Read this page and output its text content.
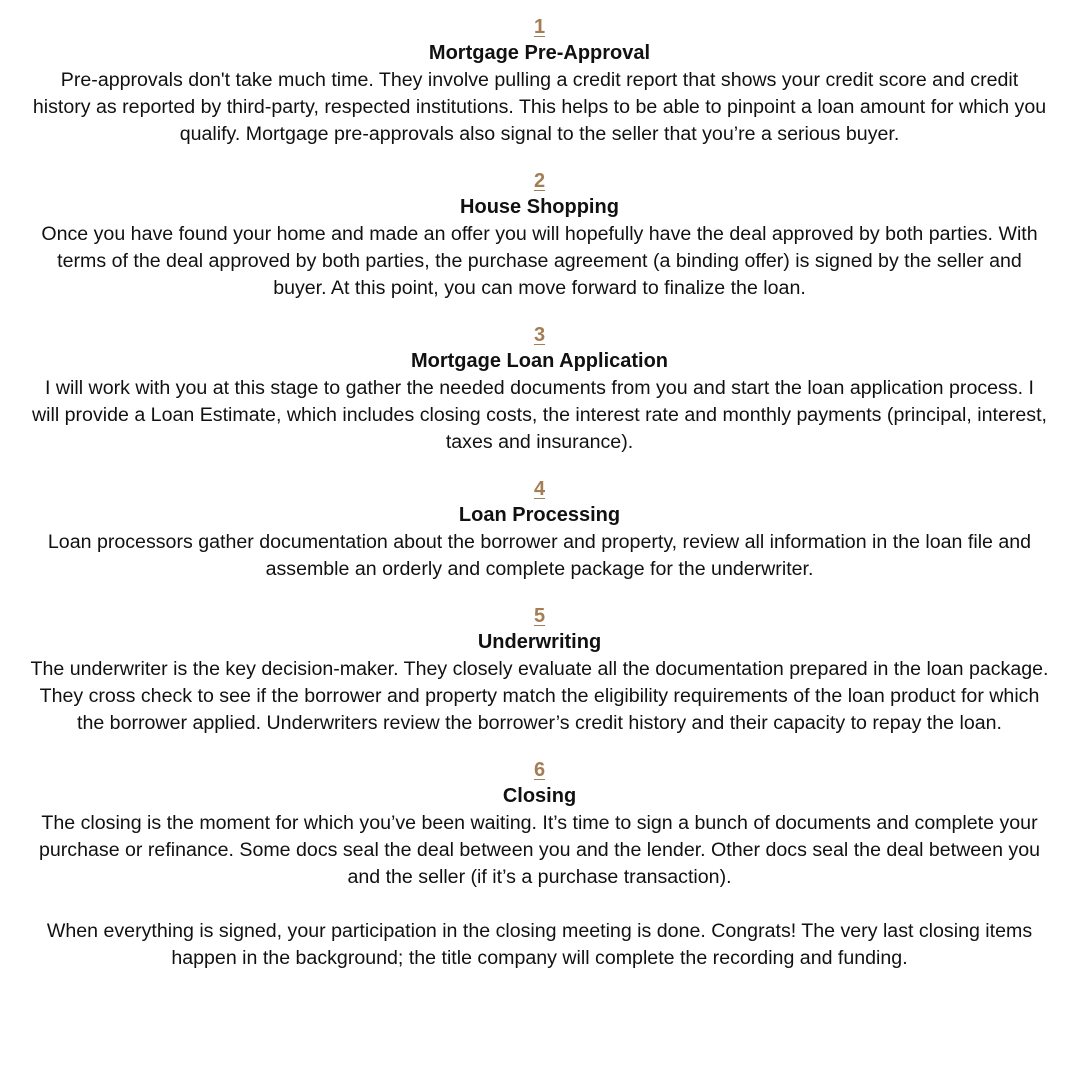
1
Mortgage Pre-Approval

Pre-approvals don't take much time. They involve pulling a credit report that shows your credit score and credit history as reported by third-party, respected institutions. This helps to be able to pinpoint a loan amount for which you qualify. Mortgage pre-approvals also signal to the seller that you’re a serious buyer.

2
House Shopping

Once you have found your home and made an offer you will hopefully have the deal approved by both parties. With terms of the deal approved by both parties, the purchase agreement (a binding offer) is signed by the seller and buyer. At this point, you can move forward to finalize the loan.

3
Mortgage Loan Application

I will work with you at this stage to gather the needed documents from you and start the loan application process. I will provide a Loan Estimate, which includes closing costs, the interest rate and monthly payments (principal, interest, taxes and insurance).

4
Loan Processing

Loan processors gather documentation about the borrower and property, review all information in the loan file and assemble an orderly and complete package for the underwriter.

5
Underwriting

The underwriter is the key decision-maker. They closely evaluate all the documentation prepared in the loan package. They cross check to see if the borrower and property match the eligibility requirements of the loan product for which the borrower applied. Underwriters review the borrower’s credit history and their capacity to repay the loan.

6
Closing

The closing is the moment for which you’ve been waiting. It’s time to sign a bunch of documents and complete your purchase or refinance. Some docs seal the deal between you and the lender. Other docs seal the deal between you and the seller (if it’s a purchase transaction).

When everything is signed, your participation in the closing meeting is done. Congrats! The very last closing items happen in the background; the title company will complete the recording and funding.
